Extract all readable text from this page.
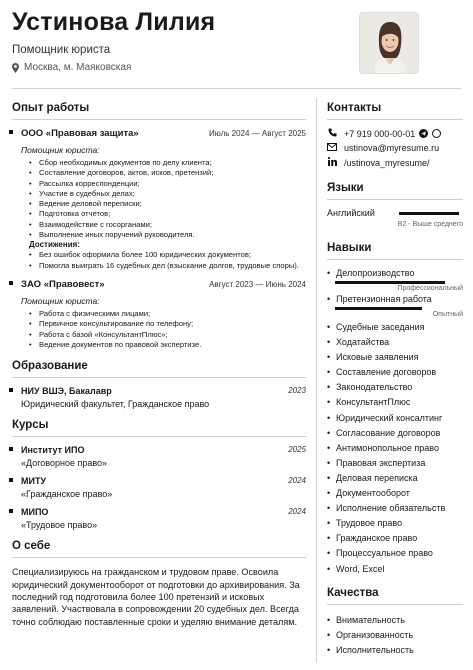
Устинова Лилия
Помощник юриста
Москва, м. Маяковская
Опыт работы
ООО «Правовая защита»	Июль 2024 — Август 2025
Помощник юриста:
• Сбор необходимых документов по делу клиента;
• Составление договоров, актов, исков, претензий;
• Рассылка корреспонденции;
• Участие в судебных делах;
• Ведение деловой переписки;
• Подготовка отчетов;
• Взаимодействие с госорганами;
• Выполнение иных поручений руководителя.
Достижения:
• Без ошибок оформила более 100 юридических документов;
• Помогла выиграть 16 судебных дел (взыскание долгов, трудовые споры).
ЗАО «Правовест»	Август 2023 — Июнь 2024
Помощник юриста:
• Работа с физическими лицами;
• Первичное консультирование по телефону;
• Работа с базой «КонсультантПлюс»;
• Ведение документов по правовой экспертизе.
Образование
НИУ ВШЭ, Бакалавр	2023
Юридический факультет, Гражданское право
Курсы
Институт ИПО	2025
«Договорное право»
МИТУ	2024
«Гражданское право»
МИПО	2024
«Трудовое право»
О себе
Специализируюсь на гражданском и трудовом праве. Освоила юридический документооборот от подготовки до архивирования. За последний год подготовила более 100 претензий и исковых заявлений. Участвовала в сопровождении 20 судебных дел. Всегда точно соблюдаю поставленные сроки и уделяю внимание деталям.
Контакты
+7 919 000-00-01
ustinova@myresume.ru
/ustinova_myresume/
Языки
Английский
B2 - Выше среднего
Навыки
• Делопроизводство
Профессиональный
• Претензионная работа
Опытный
• Судебные заседания
• Ходатайства
• Исковые заявления
• Составление договоров
• Законодательство
• КонсультантПлюс
• Юридический консалтинг
• Согласование договоров
• Антимонопольное право
• Правовая экспертиза
• Деловая переписка
• Документооборот
• Исполнение обязательств
• Трудовое право
• Гражданское право
• Процессуальное право
• Word, Excel
Качества
• Внимательность
• Организованность
• Исполнительность
